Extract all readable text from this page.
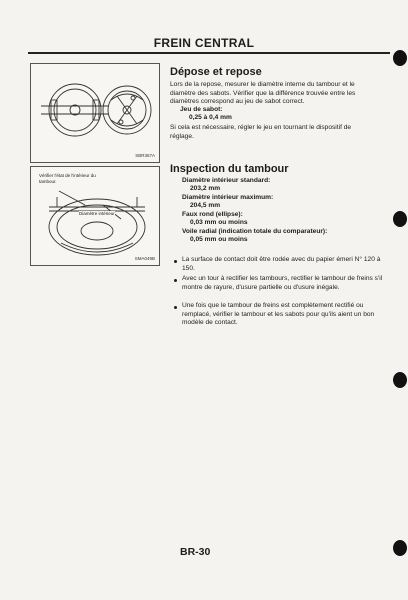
FREIN CENTRAL
SBR367A
Vérifier l'état de l'intérieur du tambour.
Diamètre intérieur
SMA049B
Dépose et repose
Lors de la repose, mesurer le diamètre interne du tambour et le
diamètre des sabots. Vérifier que la différence trouvée entre les
diamètres correspond au jeu de sabot correct.
Jeu de sabot:
0,25 à 0,4 mm
Si cela est nécessaire, régler le jeu en tournant le dispositif de
réglage.
Inspection du tambour
Diamètre intérieur standard:
203,2 mm
Diamètre intérieur maximum:
204,5 mm
Faux rond (ellipse):
0,03 mm ou moins
Voile radial (indication totale du comparateur):
0,05 mm ou moins
La surface de contact doit être rodée avec du papier émeri N° 120 à 150.
Avec un tour à rectifier les tambours, rectifier le tambour de freins s'il montre de rayure, d'usure partielle ou d'usure inégale.
Une fois que le tambour de freins est complètement rectifié ou remplacé, vérifier le tambour et les sabots pour qu'ils aient un bon modèle de contact.
BR-30
